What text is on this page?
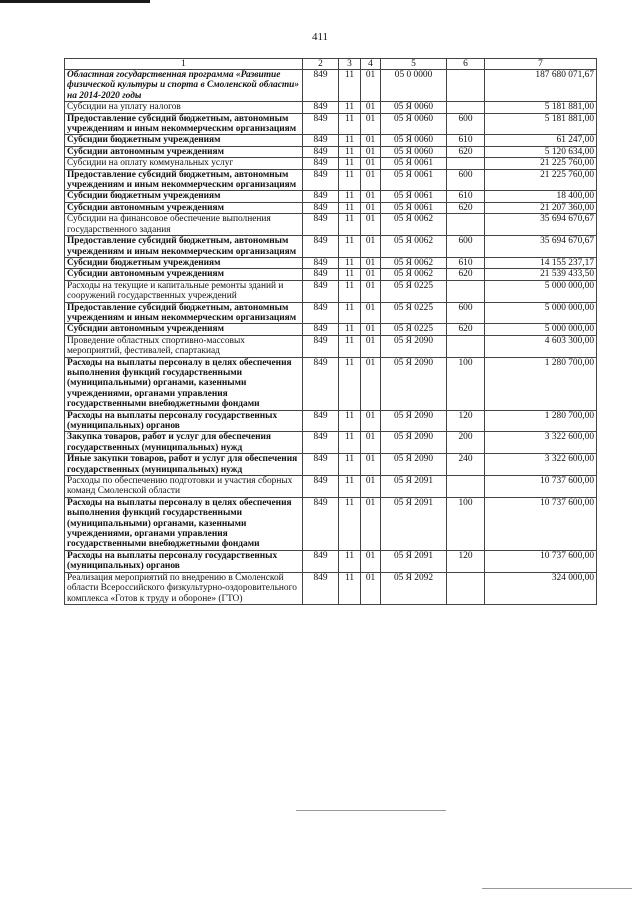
411
1	2	3	4	5	6	7
Областная государственная программа «Развитие физической культуры и спорта в Смоленской области» на 2014-2020 годы	849	11	01	05 0 0000		187 680 071,67
Субсидии на уплату налогов	849	11	01	05 Я 0060		5 181 881,00
Предоставление субсидий бюджетным, автономным учреждениям и иным некоммерческим организациям	849	11	01	05 Я 0060	600	5 181 881,00
Субсидии бюджетным учреждениям	849	11	01	05 Я 0060	610	61 247,00
Субсидии автономным учреждениям	849	11	01	05 Я 0060	620	5 120 634,00
Субсидии на оплату коммунальных услуг	849	11	01	05 Я 0061		21 225 760,00
Предоставление субсидий бюджетным, автономным учреждениям и иным некоммерческим организациям	849	11	01	05 Я 0061	600	21 225 760,00
Субсидии бюджетным учреждениям	849	11	01	05 Я 0061	610	18 400,00
Субсидии автономным учреждениям	849	11	01	05 Я 0061	620	21 207 360,00
Субсидии на финансовое обеспечение выполнения государственного задания	849	11	01	05 Я 0062		35 694 670,67
Предоставление субсидий бюджетным, автономным учреждениям и иным некоммерческим организациям	849	11	01	05 Я 0062	600	35 694 670,67
Субсидии бюджетным учреждениям	849	11	01	05 Я 0062	610	14 155 237,17
Субсидии автономным учреждениям	849	11	01	05 Я 0062	620	21 539 433,50
Расходы на текущие и капитальные ремонты зданий и сооружений государственных учреждений	849	11	01	05 Я 0225		5 000 000,00
Предоставление субсидий бюджетным, автономным учреждениям и иным некоммерческим организациям	849	11	01	05 Я 0225	600	5 000 000,00
Субсидии автономным учреждениям	849	11	01	05 Я 0225	620	5 000 000,00
Проведение областных спортивно-массовых мероприятий, фестивалей, спартакиад	849	11	01	05 Я 2090		4 603 300,00
Расходы на выплаты персоналу в целях обеспечения выполнения функций государственными (муниципальными) органами, казенными учреждениями, органами управления государственными внебюджетными фондами	849	11	01	05 Я 2090	100	1 280 700,00
Расходы на выплаты персоналу государственных (муниципальных) органов	849	11	01	05 Я 2090	120	1 280 700,00
Закупка товаров, работ и услуг для обеспечения государственных (муниципальных) нужд	849	11	01	05 Я 2090	200	3 322 600,00
Иные закупки товаров, работ и услуг для обеспечения государственных (муниципальных) нужд	849	11	01	05 Я 2090	240	3 322 600,00
Расходы по обеспечению подготовки и участия сборных команд Смоленской области	849	11	01	05 Я 2091		10 737 600,00
Расходы на выплаты персоналу в целях обеспечения выполнения функций государственными (муниципальными) органами, казенными учреждениями, органами управления государственными внебюджетными фондами	849	11	01	05 Я 2091	100	10 737 600,00
Расходы на выплаты персоналу государственных (муниципальных) органов	849	11	01	05 Я 2091	120	10 737 600,00
Реализация мероприятий по внедрению в Смоленской области Всероссийского физкультурно-оздоровительного комплекса «Готов к труду и обороне» (ГТО)	849	11	01	05 Я 2092		324 000,00
